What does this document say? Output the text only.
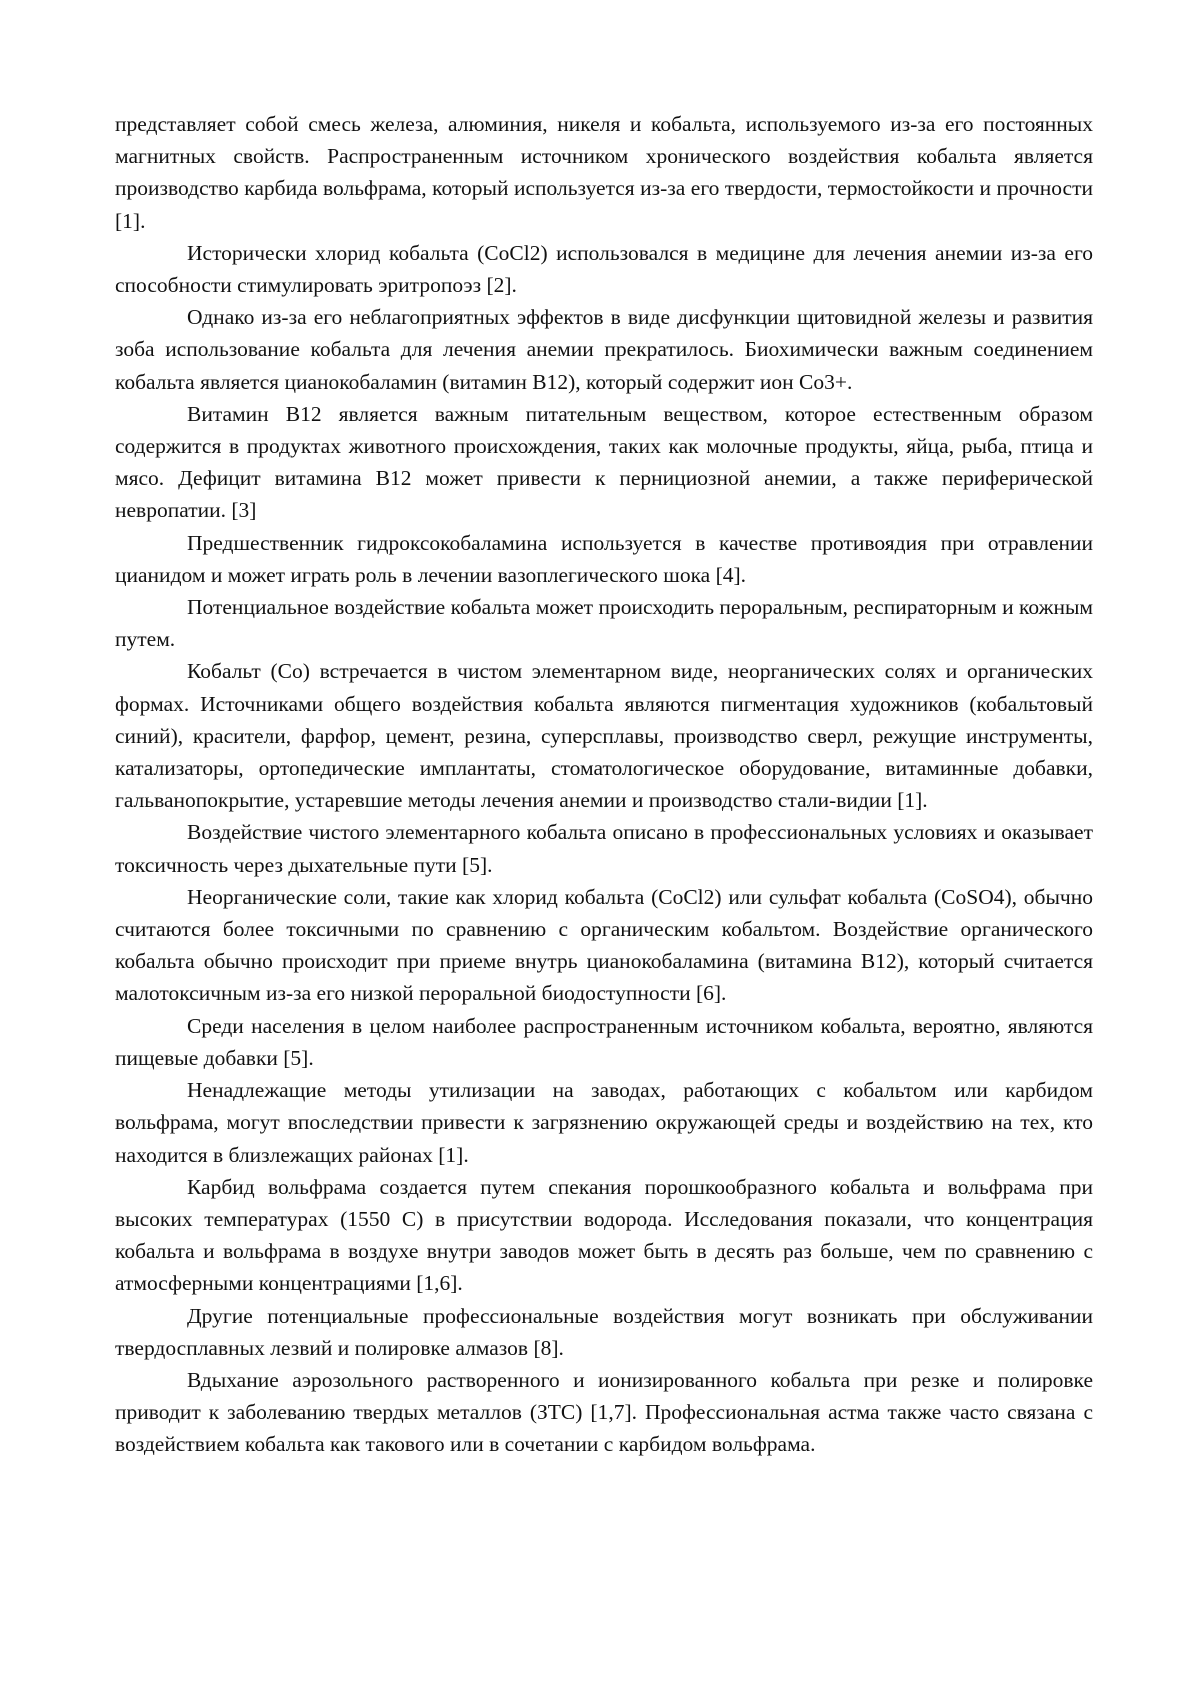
представляет собой смесь железа, алюминия, никеля и кобальта, используемого из-за его постоянных магнитных свойств. Распространенным источником хронического воздействия кобальта является производство карбида вольфрама, который используется из-за его твердости, термостойкости и прочности [1].

Исторически хлорид кобальта (CoCl2) использовался в медицине для лечения анемии из-за его способности стимулировать эритропоэз [2].

Однако из-за его неблагоприятных эффектов в виде дисфункции щитовидной железы и развития зоба использование кобальта для лечения анемии прекратилось. Биохимически важным соединением кобальта является цианокобаламин (витамин B12), который содержит ион Co3+.

Витамин B12 является важным питательным веществом, которое естественным образом содержится в продуктах животного происхождения, таких как молочные продукты, яйца, рыба, птица и мясо. Дефицит витамина B12 может привести к пернициозной анемии, а также периферической невропатии. [3]

Предшественник гидроксокобаламина используется в качестве противоядия при отравлении цианидом и может играть роль в лечении вазоплегического шока [4].

Потенциальное воздействие кобальта может происходить пероральным, респираторным и кожным путем.

Кобальт (Co) встречается в чистом элементарном виде, неорганических солях и органических формах. Источниками общего воздействия кобальта являются пигментация художников (кобальтовый синий), красители, фарфор, цемент, резина, суперсплавы, производство сверл, режущие инструменты, катализаторы, ортопедические имплантаты, стоматологическое оборудование, витаминные добавки, гальванопокрытие, устаревшие методы лечения анемии и производство стали-видии [1].

Воздействие чистого элементарного кобальта описано в профессиональных условиях и оказывает токсичность через дыхательные пути [5].

Неорганические соли, такие как хлорид кобальта (CoCl2) или сульфат кобальта (CoSO4), обычно считаются более токсичными по сравнению с органическим кобальтом. Воздействие органического кобальта обычно происходит при приеме внутрь цианокобаламина (витамина B12), который считается малотоксичным из-за его низкой пероральной биодоступности [6].

Среди населения в целом наиболее распространенным источником кобальта, вероятно, являются пищевые добавки [5].

Ненадлежащие методы утилизации на заводах, работающих с кобальтом или карбидом вольфрама, могут впоследствии привести к загрязнению окружающей среды и воздействию на тех, кто находится в близлежащих районах [1].

Карбид вольфрама создается путем спекания порошкообразного кобальта и вольфрама при высоких температурах (1550 C) в присутствии водорода. Исследования показали, что концентрация кобальта и вольфрама в воздухе внутри заводов может быть в десять раз больше, чем по сравнению с атмосферными концентрациями [1,6].

Другие потенциальные профессиональные воздействия могут возникать при обслуживании твердосплавных лезвий и полировке алмазов [8].

Вдыхание аэрозольного растворенного и ионизированного кобальта при резке и полировке приводит к заболеванию твердых металлов (ЗТС) [1,7]. Профессиональная астма также часто связана с воздействием кобальта как такового или в сочетании с карбидом вольфрама.
